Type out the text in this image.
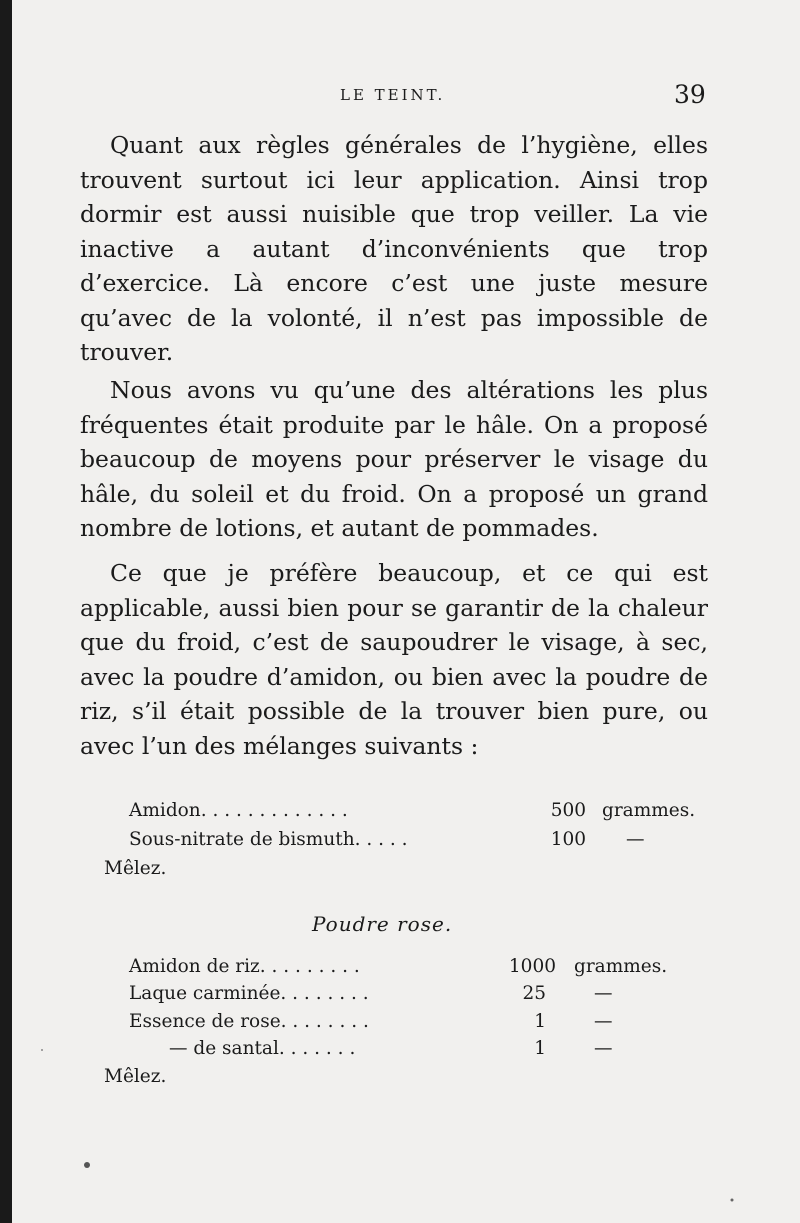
LE TEINT.	39

Quant aux règles générales de l’hygiène, elles trouvent surtout ici leur application. Ainsi trop dormir est aussi nuisible que trop veiller. La vie inactive a autant d’inconvénients que trop d’exercice. Là encore c’est une juste mesure qu’avec de la volonté, il n’est pas impossible de trouver.

Nous avons vu qu’une des altérations les plus fréquentes était produite par le hâle. On a proposé beaucoup de moyens pour préserver le visage du hâle, du soleil et du froid. On a proposé un grand nombre de lotions, et autant de pommades.

Ce que je préfère beaucoup, et ce qui est applicable, aussi bien pour se garantir de la chaleur que du froid, c’est de saupoudrer le visage, à sec, avec la poudre d’amidon, ou bien avec la poudre de riz, s’il était possible de la trouver bien pure, ou avec l’un des mélanges suivants :

Amidon. . . . . . . . . . . . .	500 grammes.
Sous-nitrate de bismuth. . . . .	100 —
Mêlez.
Poudre rose.
Amidon de riz. . . . . . . . .	1000 grammes.
Laque carminée. . . . . . . .	25	—
Essence de rose. . . . . . . .	1	—
— de santal. . . . . . .	1	—
Mêlez.
